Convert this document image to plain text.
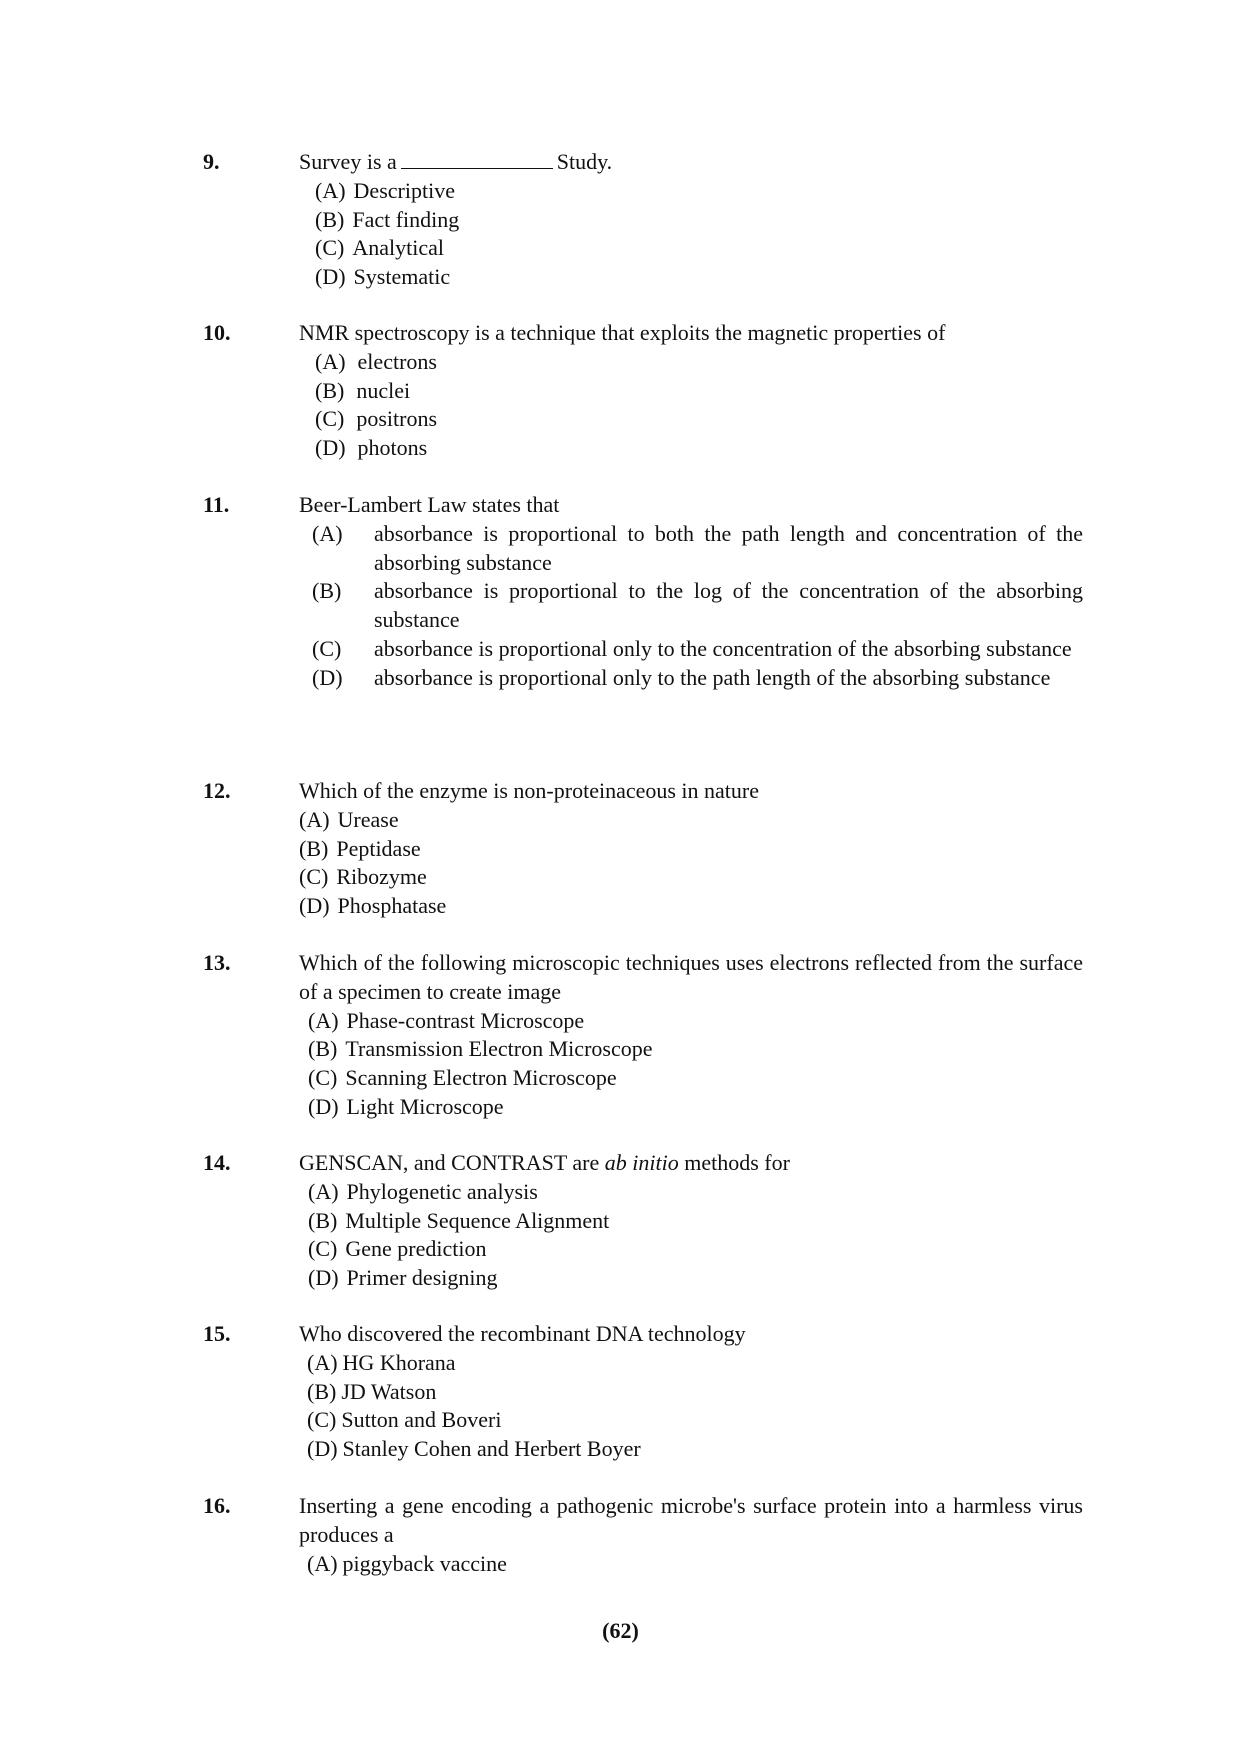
9.	Survey is a	Study.
(A) Descriptive
(B) Fact finding
(C) Analytical
(D) Systematic
10.	NMR spectroscopy is a technique that exploits the magnetic properties of
(A) electrons
(B) nuclei
(C) positrons
(D) photons
11.	Beer-Lambert Law states that
(A)	absorbance is proportional to both the path length and concentration of the absorbing substance
(B)	absorbance is proportional to the log of the concentration of the absorbing substance
(C)	absorbance is proportional only to the concentration of the absorbing substance
(D)	absorbance is proportional only to the path length of the absorbing substance
12.	Which of the enzyme is non-proteinaceous in nature
(A) Urease
(B) Peptidase
(C) Ribozyme
(D) Phosphatase
13.	Which of the following microscopic techniques uses electrons reflected from the surface of a specimen to create image
(A) Phase-contrast Microscope
(B) Transmission Electron Microscope
(C) Scanning Electron Microscope
(D) Light Microscope
14.	GENSCAN, and CONTRAST are ab initio methods for
(A) Phylogenetic analysis
(B) Multiple Sequence Alignment
(C) Gene prediction
(D) Primer designing
15.	Who discovered the recombinant DNA technology
(A) HG Khorana
(B) JD Watson
(C) Sutton and Boveri
(D) Stanley Cohen and Herbert Boyer
16.	Inserting a gene encoding a pathogenic microbe's surface protein into a harmless virus produces a
(A) piggyback vaccine
(62)
